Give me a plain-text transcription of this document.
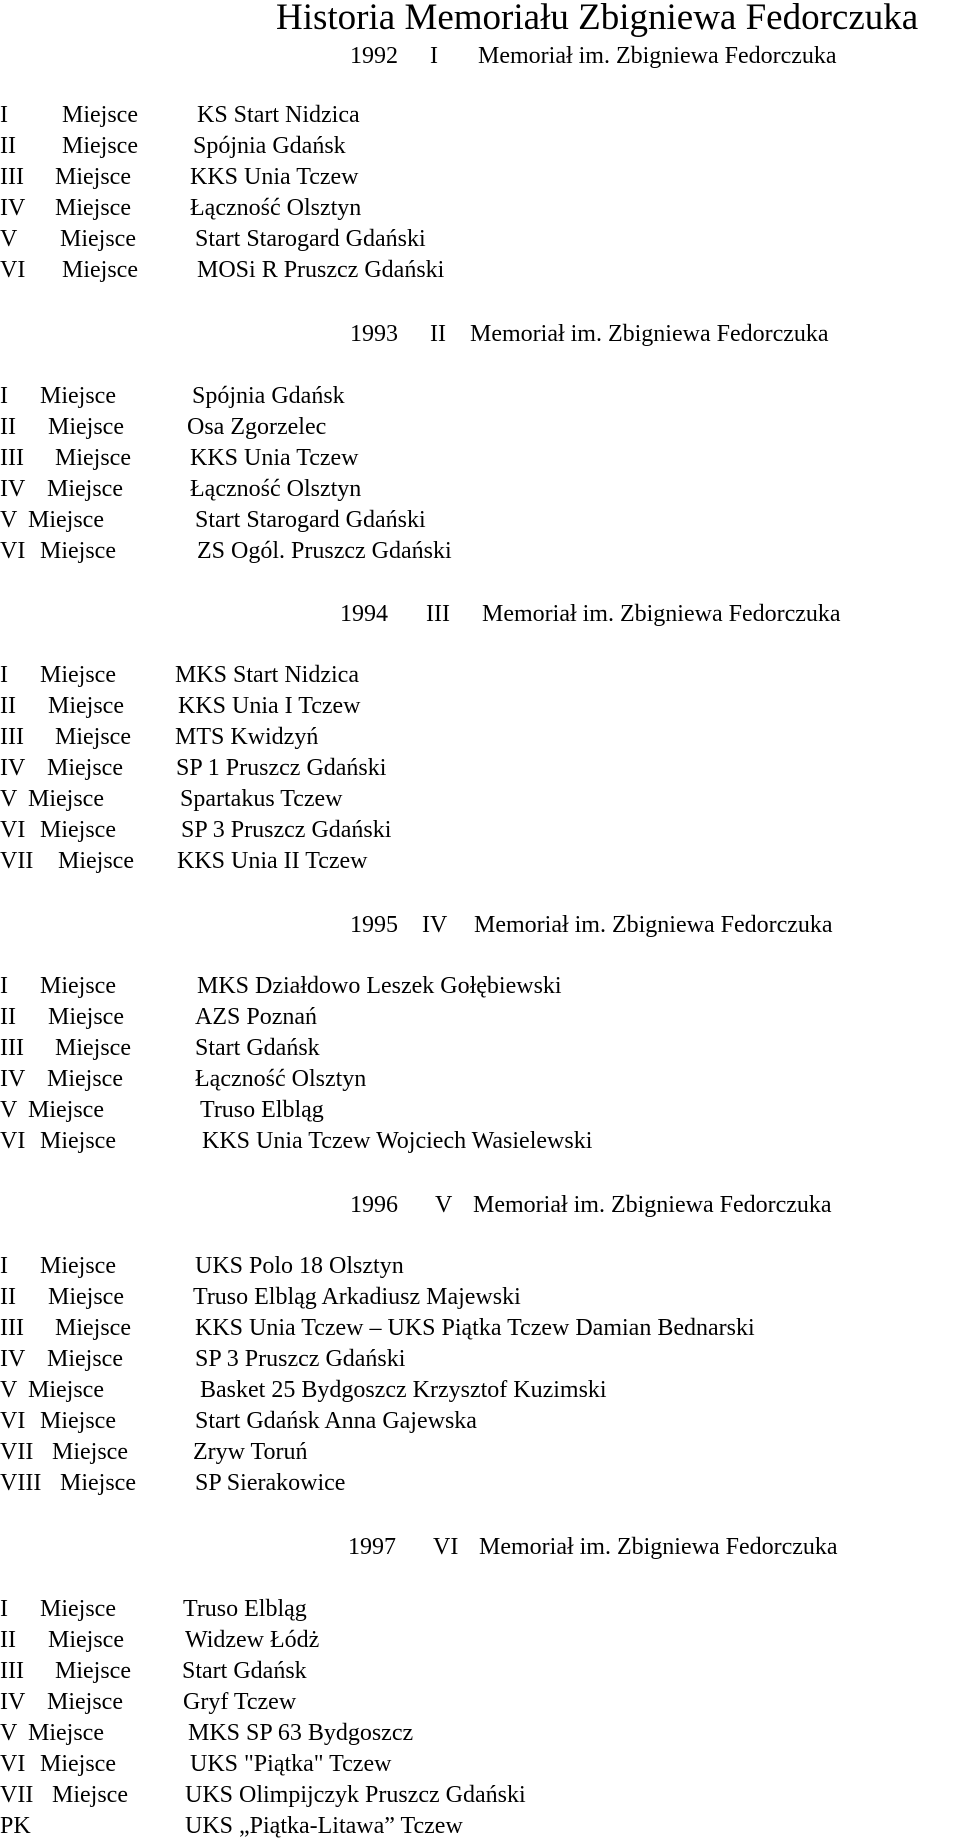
Historia Memoriału Zbigniewa Fedorczuka
1992 I Memoriał im. Zbigniewa Fedorczuka
I Miejsce KS Start Nidzica
II Miejsce Spójnia Gdańsk
III Miejsce KKS Unia Tczew
IV Miejsce Łączność Olsztyn
V Miejsce Start Starogard Gdański
VI Miejsce MOSi R Pruszcz Gdański
1993 II Memoriał im. Zbigniewa Fedorczuka
I Miejsce	Spójnia Gdańsk
II Miejsce	Osa Zgorzelec
III Miejsce KKS Unia Tczew
IV Miejsce	Łączność Olsztyn
V Miejsce	Start Starogard Gdański
VI Miejsce	ZS Ogól. Pruszcz Gdański
1994 III Memoriał im. Zbigniewa Fedorczuka
I Miejsce MKS Start Nidzica
II Miejsce KKS Unia I Tczew
III Miejsce MTS Kwidzyń
IV Miejsce SP 1 Pruszcz Gdański
V Miejsce	Spartakus Tczew
VI Miejsce	SP 3 Pruszcz Gdański
VII Miejsce KKS Unia II Tczew
1995 IV Memoriał im. Zbigniewa Fedorczuka
I Miejsce	MKS Działdowo Leszek Gołębiewski
II Miejsce	AZS Poznań
III Miejsce	Start Gdańsk
IV Miejsce	Łączność Olsztyn
V Miejsce	Truso Elbląg
VI Miejsce	KKS Unia Tczew Wojciech Wasielewski
1996 V Memoriał im. Zbigniewa Fedorczuka
I Miejsce	UKS Polo 18 Olsztyn
II Miejsce	Truso Elbląg Arkadiusz Majewski
III Miejsce	KKS Unia Tczew – UKS Piątka Tczew Damian Bednarski
IV Miejsce	SP 3 Pruszcz Gdański
V Miejsce	Basket 25 Bydgoszcz Krzysztof Kuzimski
VI Miejsce	Start Gdańsk Anna Gajewska
VII Miejsce	Zryw Toruń
VIII Miejsce SP Sierakowice
1997 VI Memoriał im. Zbigniewa Fedorczuka
I Miejsce	Truso Elbląg
II Miejsce	Widzew Łódż
III Miejsce Start Gdańsk
IV Miejsce	Gryf Tczew
V Miejsce	MKS SP 63 Bydgoszcz
VI Miejsce	UKS "Piątka" Tczew
VII Miejsce UKS Olimpijczyk Pruszcz Gdański
PK	UKS „Piątka-Litawa” Tczew
